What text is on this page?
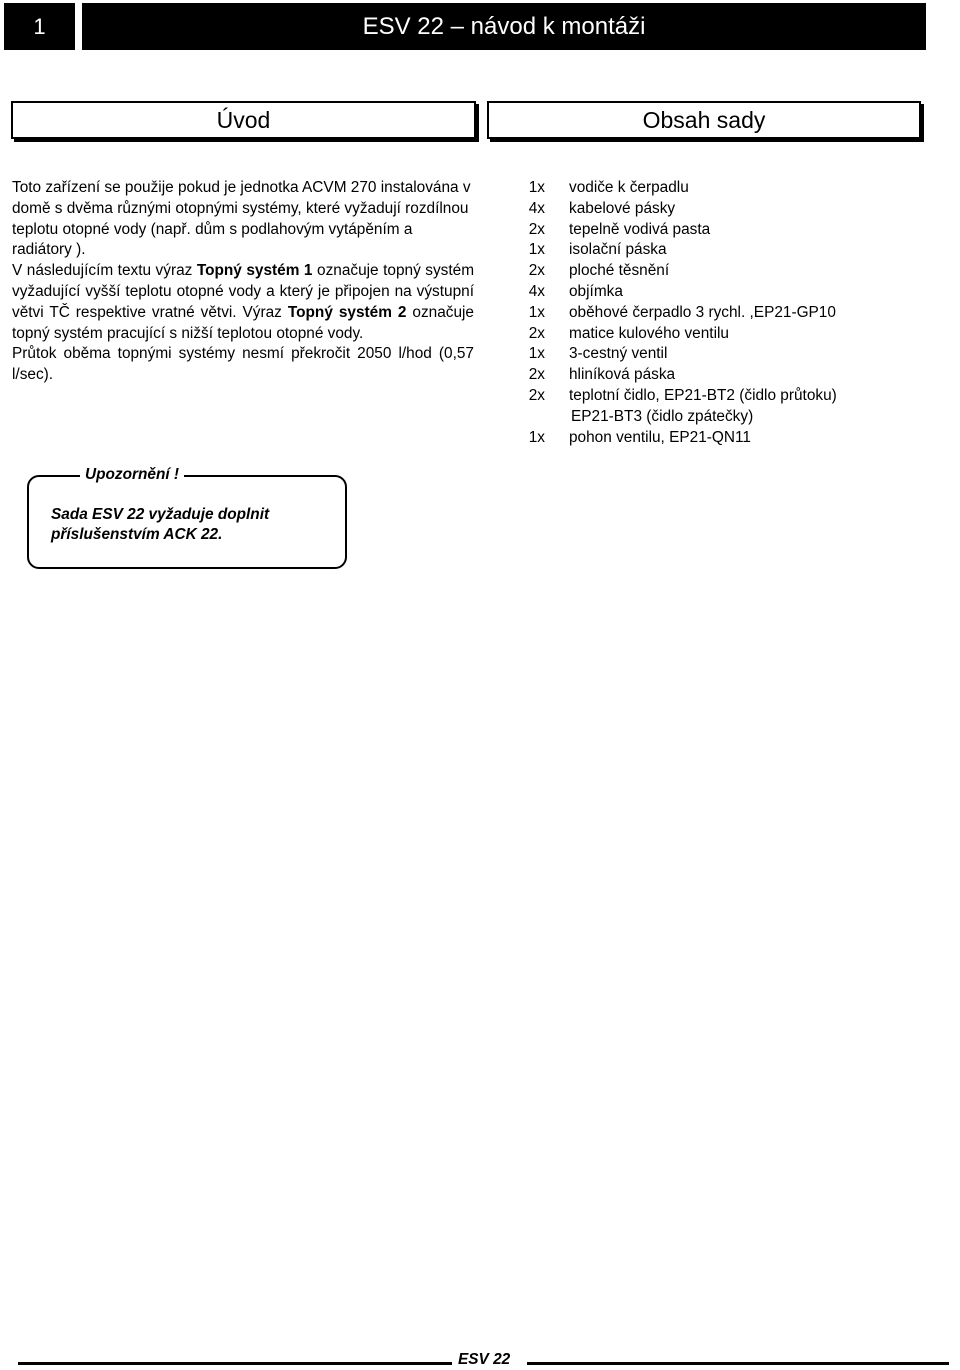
1	ESV 22 – návod k montáži
Úvod	Obsah sady

Toto zařízení se použije pokud je jednotka ACVM 270 instalována v domě s dvěma různými otopnými systémy, které vyžadují rozdílnou teplotu otopné vody (např. dům s podlahovým vytápěním a radiátory ).

V následujícím textu výraz Topný systém 1 označuje topný systém vyžadující vyšší teplotu otopné vody a který je připojen na výstupní větvi TČ respektive vratné větvi. Výraz Topný systém 2 označuje topný systém pracující s nižší teplotou otopné vody.

Průtok oběma topnými systémy nesmí překročit 2050 l/hod (0,57 l/sec).

1x	vodiče k čerpadlu
4x	kabelové pásky
2x	tepelně vodivá pasta
1x	isolační páska
2x	ploché těsnění
4x	objímka
1x	oběhové čerpadlo 3 rychl. ,EP21-GP10
2x	matice kulového ventilu
1x	3-cestný ventil
2x	hliníková páska
2x	teplotní čidlo, EP21-BT2 (čidlo průtoku)
EP21-BT3 (čidlo zpátečky)
1x	pohon ventilu, EP21-QN11
Upozornění !
Sada ESV 22 vyžaduje doplnit
příslušenstvím ACK 22.
ESV 22
